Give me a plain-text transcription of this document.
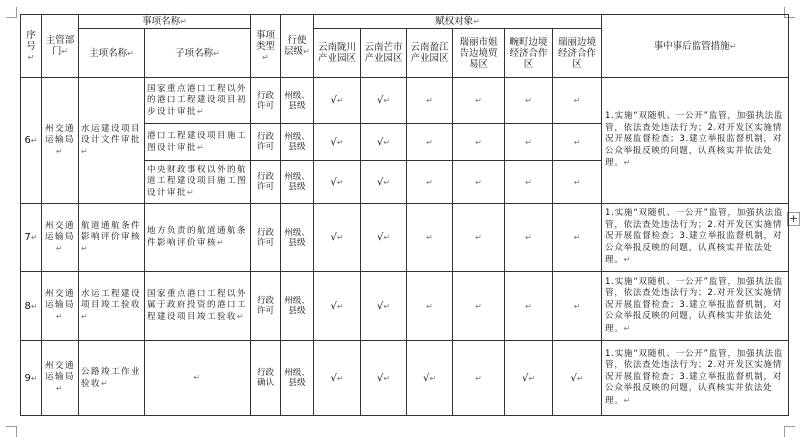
+
序号↵	主管部门↵	事项名称↵		事项类型↵	行使层级↵	赋权对象↵						事中事后监管措施↵
		主项名称↵	子项名称↵			云南陇川产业园区	云南芒市产业园区	云南盈江产业园区	瑞丽市姐告边境贸易区	畹町边境经济合作区	瑞丽边境经济合作区	

6↵	州交通运输局↵	水运建设项目设计文件审批↵	国家重点港口工程以外的港口工程建设项目初步设计审批↵	行政许可	州级、县级	√↵	√↵	↵	↵	↵	↵	1.实施“双随机、一公开”监管，加强执法监管，依法查处违法行为；2.对开发区实施情况开展监督检查；3.建立举报监督机制，对公众举报反映的问题，认真核实并依法处理。↵
			港口工程建设项目施工图设计审批↵	行政许可	州级、县级	√↵	√↵	↵	↵	↵	↵	
			中央财政事权以外的航道工程建设项目施工图设计审批↵	行政许可	州级、县级	√↵	√↵	↵	↵	↵	↵	
7↵	州交通运输局↵	航道通航条件影响评价审核↵	地方负责的航道通航条件影响评价审核↵	行政许可	州级、县级	√↵	√↵	↵	↵	↵	↵	1.实施“双随机、一公开”监管，加强执法监管，依法查处违法行为；2.对开发区实施情况开展监督检查；3.建立举报监督机制，对公众举报反映的问题，认真核实并依法处理。↵
8↵	州交通运输局↵	水运工程建设项目竣工验收↵	国家重点港口工程以外属于政府投资的港口工程建设项目竣工验收↵	行政许可	州级、县级	√↵	√↵	↵	↵	↵	↵	1.实施“双随机、一公开”监管，加强执法监管，依法查处违法行为；2.对开发区实施情况开展监督检查；3.建立举报监督机制，对公众举报反映的问题，认真核实并依法处理。↵
9↵	州交通运输局↵	公路竣工作业验收↵	↵	行政确认	州级、县级	√↵	√↵	√↵	↵	√↵	√↵	1.实施“双随机、一公开”监管，加强执法监管，依法查处违法行为；2.对开发区实施情况开展监督检查；3.建立举报监督机制，对公众举报反映的问题，认真核实并依法处理。↵
